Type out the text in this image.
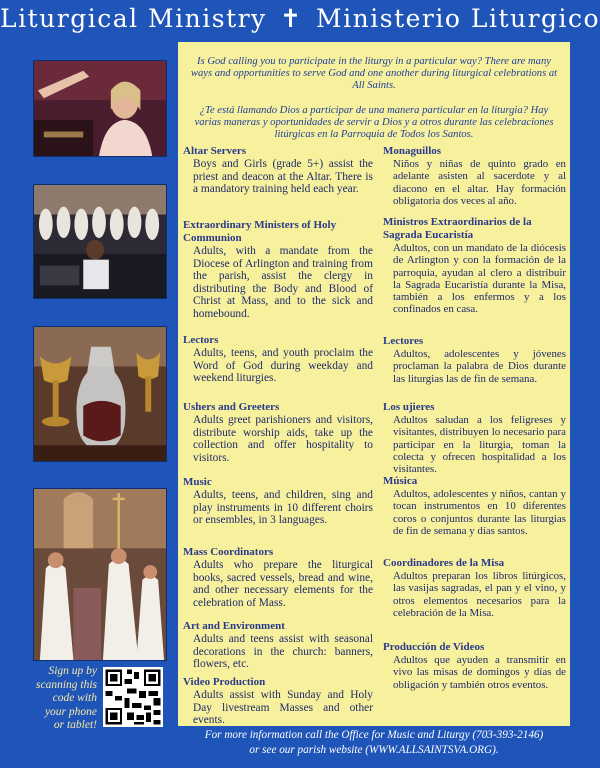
Liturgical Ministry ✝ Ministerio Liturgico
Sign up by scanning this code with your phone or tablet!

Is God calling you to participate in the liturgy in a particular way? There are many ways and opportunities to serve God and one another during liturgical celebrations at All Saints.

¿Te está llamando Dios a participar de una manera particular en la liturgia? Hay varias maneras y oportunidades de servir a Dios y a otros durante las celebraciones litúrgicas en la Parroquia de Todos los Santos.

Altar Servers
Boys and Girls (grade 5+) assist the priest and deacon at the Altar. There is a mandatory training held each year.
Extraordinary Ministers of Holy Communion
Adults, with a mandate from the Diocese of Arlington and training from the parish, assist the clergy in distributing the Body and Blood of Christ at Mass, and to the sick and homebound.
Lectors
Adults, teens, and youth proclaim the Word of God during weekday and weekend liturgies.
Ushers and Greeters
Adults greet parishioners and visitors, distribute worship aids, take up the collection and offer hospitality to visitors.
Music
Adults, teens, and children, sing and play instruments in 10 different choirs or ensembles, in 3 languages.
Mass Coordinators
Adults who prepare the liturgical books, sacred vessels, bread and wine, and other necessary elements for the celebration of Mass.
Art and Environment
Adults and teens assist with seasonal decorations in the church: banners, flowers, etc.
Video Production
Adults assist with Sunday and Holy Day livestream Masses and other events.
Monaguillos
Niños y niñas de quinto grado en adelante asisten al sacerdote y al diacono en el altar. Hay formación obligatoria dos veces al año.
Ministros Extraordinarios de la Sagrada Eucaristía
Adultos, con un mandato de la diócesis de Arlington y con la formación de la parroquia, ayudan al clero a distribuir la Sagrada Eucaristía durante la Misa, también a los enfermos y a los confinados en casa.
Lectores
Adultos, adolescentes y jóvenes proclaman la palabra de Dios durante las liturgias las de fin de semana.
Los ujieres
Adultos saludan a los feligreses y visitantes, distribuyen lo necesario para participar en la liturgia, toman la colecta y ofrecen hospitalidad a los visitantes.
Música
Adultos, adolescentes y niños, cantan y tocan instrumentos en 10 diferentes coros o conjuntos durante las liturgias de fin de semana y días santos.
Coordinadores de la Misa
Adultos preparan los libros litúrgicos, las vasijas sagradas, el pan y el vino, y otros elementos necesarios para la celebración de la Misa.
Producción de Videos
Adultos que ayuden a transmitir en vivo las misas de domingos y días de obligación y también otros eventos.
For more information call the Office for Music and Liturgy (703-393-2146)
or see our parish website (WWW.ALLSAINTSVA.ORG).
